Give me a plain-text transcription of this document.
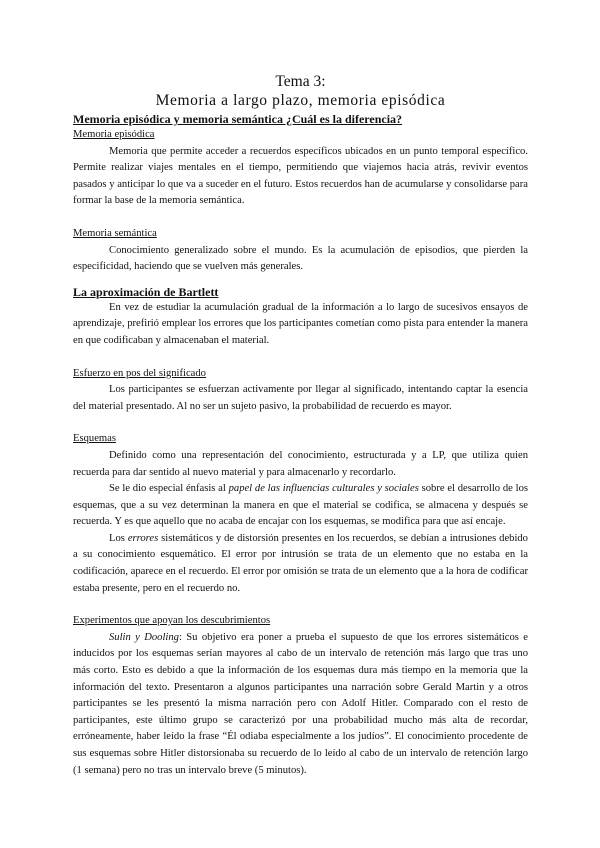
Tema 3:
Memoria a largo plazo, memoria episódica
Memoria episódica y memoria semántica ¿Cuál es la diferencia?
Memoria episódica

Memoria que permite acceder a recuerdos específicos ubicados en un punto temporal específico. Permite realizar viajes mentales en el tiempo, permitiendo que viajemos hacia atrás, revivir eventos pasados y anticipar lo que va a suceder en el futuro. Estos recuerdos han de acumularse y consolidarse para formar la base de la memoria semántica.

Memoria semántica

Conocimiento generalizado sobre el mundo. Es la acumulación de episodios, que pierden la especificidad, haciendo que se vuelven más generales.

La aproximación de Bartlett

En vez de estudiar la acumulación gradual de la información a lo largo de sucesivos ensayos de aprendizaje, prefirió emplear los errores que los participantes cometían como pista para entender la manera en que codificaban y almacenaban el material.

Esfuerzo en pos del significado

Los participantes se esfuerzan activamente por llegar al significado, intentando captar la esencia del material presentado. Al no ser un sujeto pasivo, la probabilidad de recuerdo es mayor.

Esquemas

Definido como una representación del conocimiento, estructurada y a LP, que utiliza quien recuerda para dar sentido al nuevo material y para almacenarlo y recordarlo.

Se le dio especial énfasis al papel de las influencias culturales y sociales sobre el desarrollo de los esquemas, que a su vez determinan la manera en que el material se codifica, se almacena y después se recuerda. Y es que aquello que no acaba de encajar con los esquemas, se modifica para que así encaje.

Los errores sistemáticos y de distorsión presentes en los recuerdos, se debían a intrusiones debido a su conocimiento esquemático. El error por intrusión se trata de un elemento que no estaba en la codificación, aparece en el recuerdo. El error por omisión se trata de un elemento que a la hora de codificar estaba presente, pero en el recuerdo no.

Experimentos que apoyan los descubrimientos

Sulin y Dooling: Su objetivo era poner a prueba el supuesto de que los errores sistemáticos e inducidos por los esquemas serían mayores al cabo de un intervalo de retención más largo que tras uno más corto. Esto es debido a que la información de los esquemas dura más tiempo en la memoria que la información del texto. Presentaron a algunos participantes una narración sobre Gerald Martin y a otros participantes se les presentó la misma narración pero con Adolf Hitler. Comparado con el resto de participantes, este último grupo se caracterizó por una probabilidad mucho más alta de recordar, erróneamente, haber leído la frase “Él odiaba especialmente a los judíos”. El conocimiento procedente de sus esquemas sobre Hitler distorsionaba su recuerdo de lo leído al cabo de un intervalo de retención largo (1 semana) pero no tras un intervalo breve (5 minutos).
